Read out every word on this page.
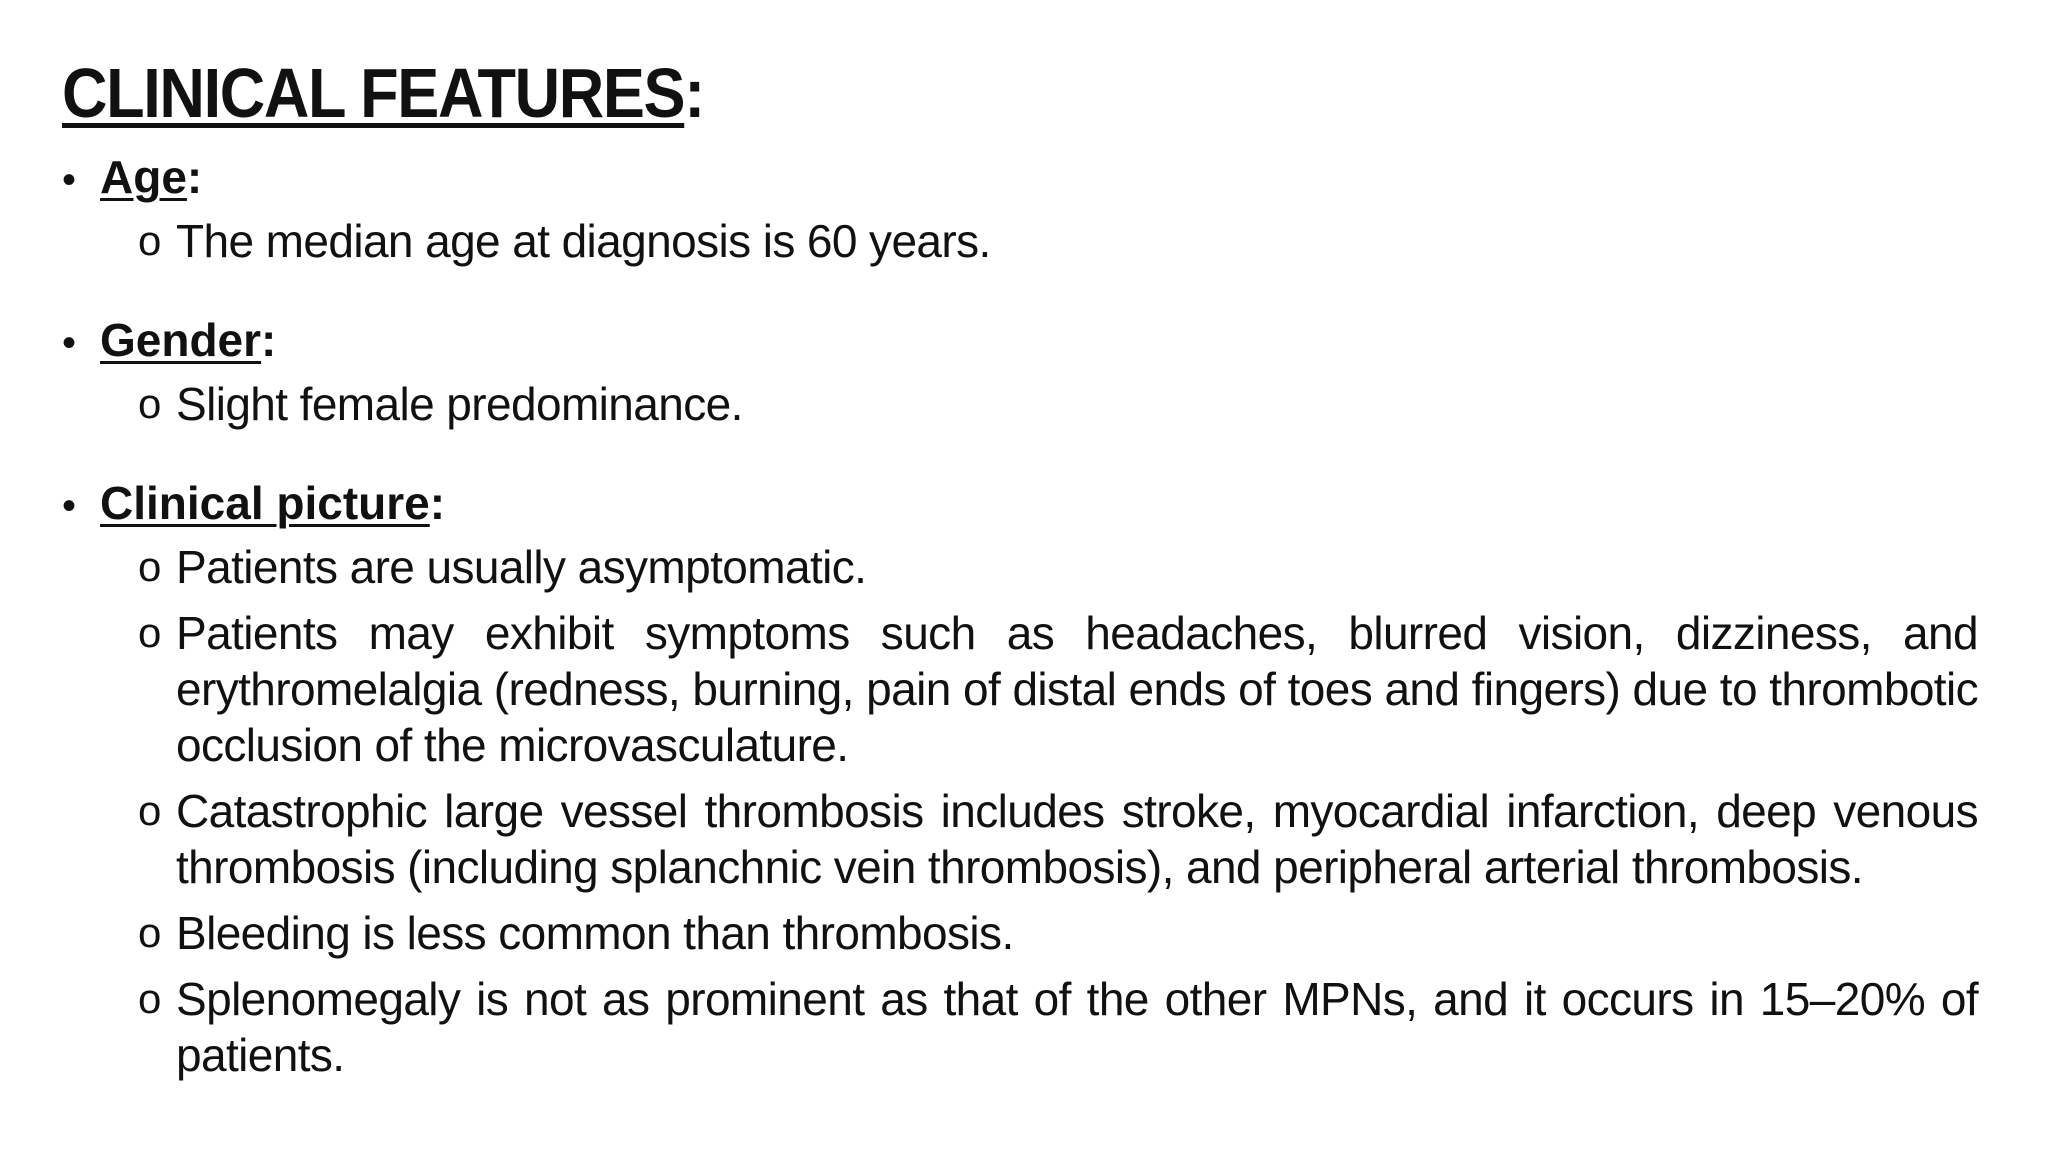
CLINICAL FEATURES:
• Age :
o The median age at diagnosis is 60 years.
• Gender :
o Slight female predominance.
• Clinical picture :
o Patients are usually asymptomatic.
o Patients may exhibit symptoms such as headaches, blurred vision, dizziness, and erythromelalgia (redness, burning, pain of distal ends of toes and fingers) due to thrombotic occlusion of the microvasculature.
o Catastrophic large vessel thrombosis includes stroke, myocardial infarction, deep venous thrombosis (including splanchnic vein thrombosis), and peripheral arterial thrombosis.
o Bleeding is less common than thrombosis.
o Splenomegaly is not as prominent as that of the other MPNs, and it occurs in 15–20% of patients.
